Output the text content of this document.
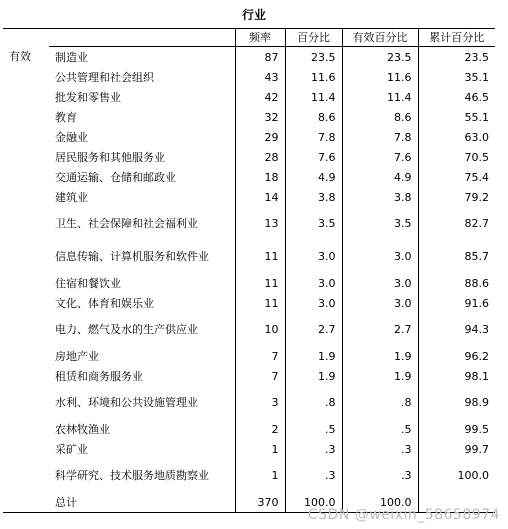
行业
		频率	百分比	有效百分比	累计百分比
有效	制造业	87	23.5	23.5	23.5
	公共管理和社会组织	43	11.6	11.6	35.1
	批发和零售业	42	11.4	11.4	46.5
	教育	32	8.6	8.6	55.1
	金融业	29	7.8	7.8	63.0
	居民服务和其他服务业	28	7.6	7.6	70.5
	交通运输、仓储和邮政业	18	4.9	4.9	75.4
	建筑业	14	3.8	3.8	79.2
	卫生、社会保障和社会福利业	13	3.5	3.5	82.7
	信息传输、计算机服务和软件业	11	3.0	3.0	85.7
	住宿和餐饮业	11	3.0	3.0	88.6
	文化、体育和娱乐业	11	3.0	3.0	91.6
	电力、燃气及水的生产供应业	10	2.7	2.7	94.3
	房地产业	7	1.9	1.9	96.2
	租赁和商务服务业	7	1.9	1.9	98.1
	水利、环境和公共设施管理业	3	.8	.8	98.9
	农林牧渔业	2	.5	.5	99.5
	采矿业	1	.3	.3	99.7
	科学研究、技术服务地质勘察业	1	.3	.3	100.0
	总计	370	100.0	100.0	
CSDN @weixin_58658974
